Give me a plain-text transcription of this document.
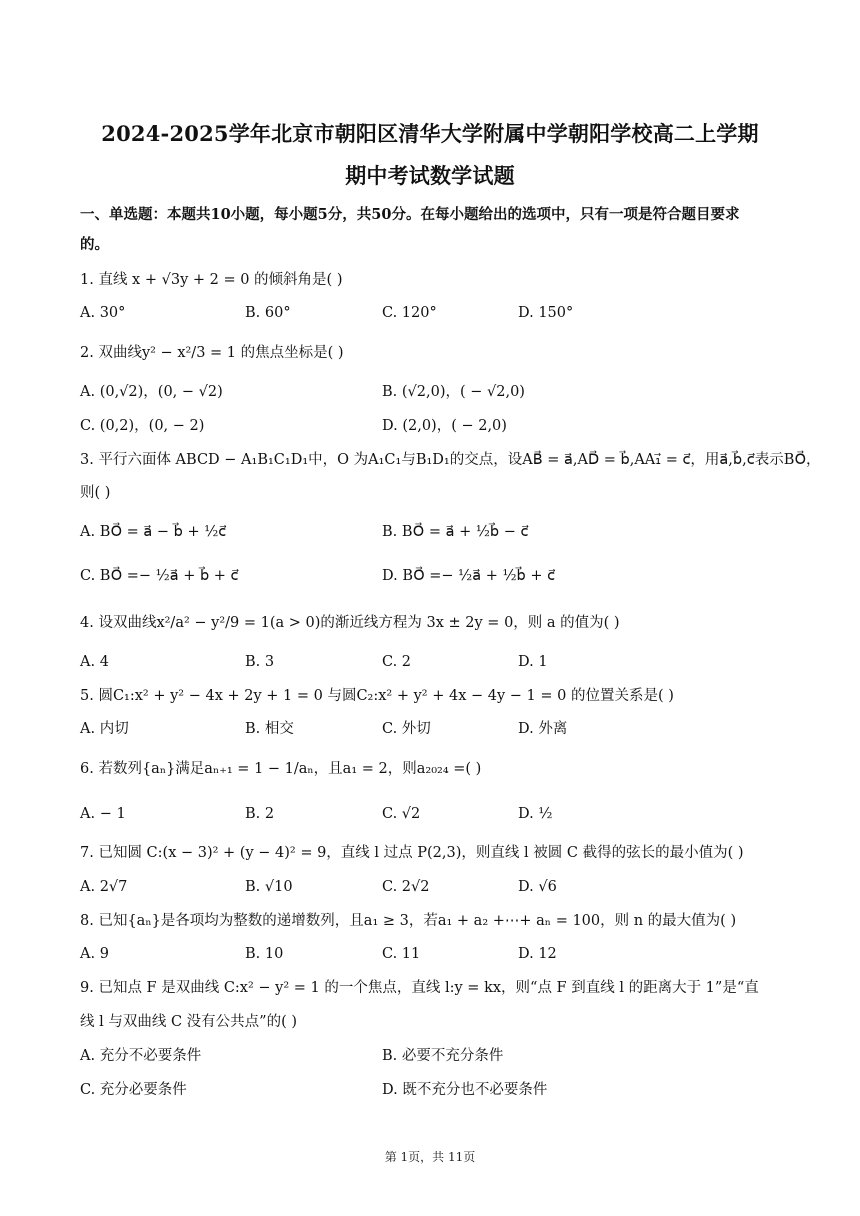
2024-2025学年北京市朝阳区清华大学附属中学朝阳学校高二上学期
期中考试数学试题
一、单选题：本题共10小题，每小题5分，共50分。在每小题给出的选项中，只有一项是符合题目要求
的。
1. 直线 x + √3y + 2 = 0 的倾斜角是( )
A. 30°	B. 60°	C. 120°	D. 150°
2. 双曲线y² − x²/3 = 1 的焦点坐标是( )
A. (0,√2)，(0, − √2)	B. (√2,0)，( − √2,0)
C. (0,2)，(0, − 2)	D. (2,0)，( − 2,0)
3. 平行六面体 ABCD − A₁B₁C₁D₁中，O 为A₁C₁与B₁D₁的交点，设AB⃗ = a⃗,AD⃗ = b⃗,AA₁⃗ = c⃗，用a⃗,b⃗,c⃗表示BO⃗，
则( )
A. BO⃗ = a⃗ − b⃗ + ½c⃗	B. BO⃗ = a⃗ + ½b⃗ − c⃗
C. BO⃗ =− ½a⃗ + b⃗ + c⃗	D. BO⃗ =− ½a⃗ + ½b⃗ + c⃗
4. 设双曲线x²/a² − y²/9 = 1(a > 0)的渐近线方程为 3x ± 2y = 0，则 a 的值为( )
A. 4	B. 3	C. 2	D. 1
5. 圆C₁:x² + y² − 4x + 2y + 1 = 0 与圆C₂:x² + y² + 4x − 4y − 1 = 0 的位置关系是( )
A. 内切	B. 相交	C. 外切	D. 外离
6. 若数列{aₙ}满足aₙ₊₁ = 1 − 1/aₙ，且a₁ = 2，则a₂₀₂₄ =( )
A. − 1	B. 2	C. √2	D. ½
7. 已知圆 C:(x − 3)² + (y − 4)² = 9，直线 l 过点 P(2,3)，则直线 l 被圆 C 截得的弦长的最小值为( )
A. 2√7	B. √10	C. 2√2	D. √6
8. 已知{aₙ}是各项均为整数的递增数列，且a₁ ≥ 3，若a₁ + a₂ +⋯+ aₙ = 100，则 n 的最大值为( )
A. 9	B. 10	C. 11	D. 12
9. 已知点 F 是双曲线 C:x² − y² = 1 的一个焦点，直线 l:y = kx，则“点 F 到直线 l 的距离大于 1”是“直
线 l 与双曲线 C 没有公共点”的( )
A. 充分不必要条件	B. 必要不充分条件
C. 充分必要条件	D. 既不充分也不必要条件
第 1页，共 11页
